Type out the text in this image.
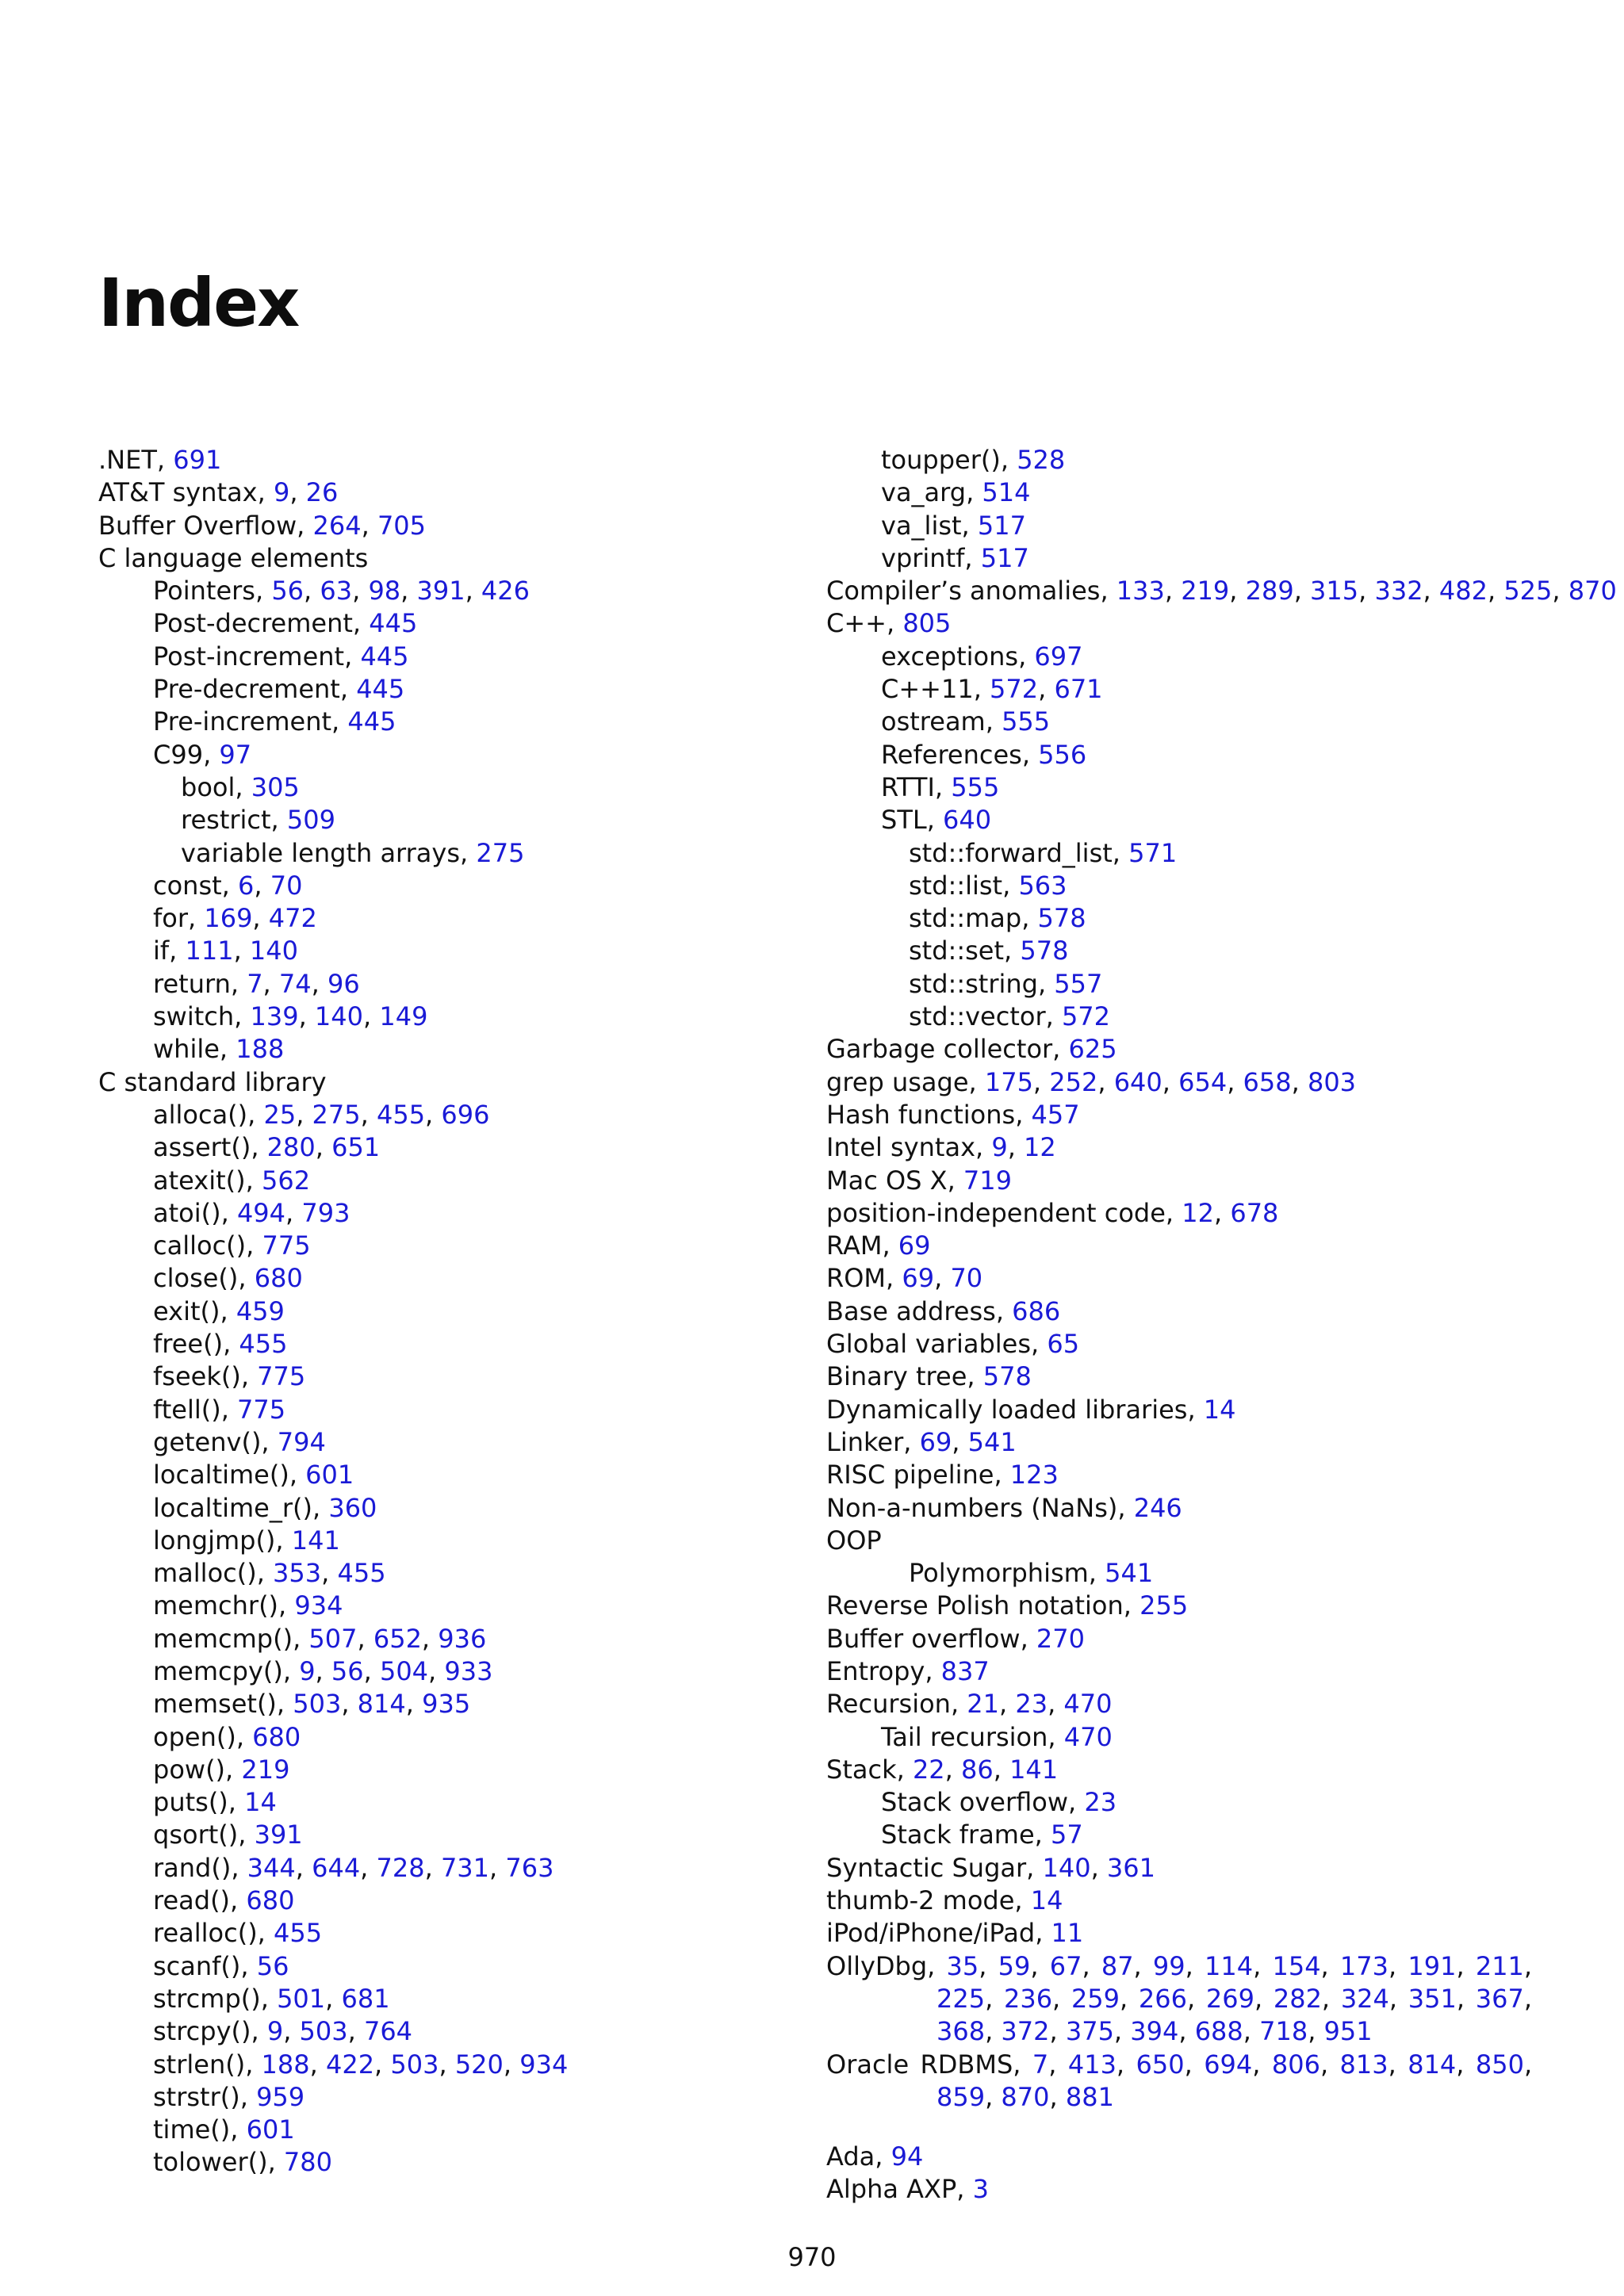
Index
.NET, 691
AT&T syntax, 9, 26
Buffer Overflow, 264, 705
C language elements
Pointers, 56, 63, 98, 391, 426
Post-decrement, 445
Post-increment, 445
Pre-decrement, 445
Pre-increment, 445
C99, 97
bool, 305
restrict, 509
variable length arrays, 275
const, 6, 70
for, 169, 472
if, 111, 140
return, 7, 74, 96
switch, 139, 140, 149
while, 188
C standard library
alloca(), 25, 275, 455, 696
assert(), 280, 651
atexit(), 562
atoi(), 494, 793
calloc(), 775
close(), 680
exit(), 459
free(), 455
fseek(), 775
ftell(), 775
getenv(), 794
localtime(), 601
localtime_r(), 360
longjmp(), 141
malloc(), 353, 455
memchr(), 934
memcmp(), 507, 652, 936
memcpy(), 9, 56, 504, 933
memset(), 503, 814, 935
open(), 680
pow(), 219
puts(), 14
qsort(), 391
rand(), 344, 644, 728, 731, 763
read(), 680
realloc(), 455
scanf(), 56
strcmp(), 501, 681
strcpy(), 9, 503, 764
strlen(), 188, 422, 503, 520, 934
strstr(), 959
time(), 601
tolower(), 780
toupper(), 528
va_arg, 514
va_list, 517
vprintf, 517
Compiler’s anomalies, 133, 219, 289, 315, 332, 482, 525, 870
C++, 805
exceptions, 697
C++11, 572, 671
ostream, 555
References, 556
RTTI, 555
STL, 640
std::forward_list, 571
std::list, 563
std::map, 578
std::set, 578
std::string, 557
std::vector, 572
Garbage collector, 625
grep usage, 175, 252, 640, 654, 658, 803
Hash functions, 457
Intel syntax, 9, 12
Mac OS X, 719
position-independent code, 12, 678
RAM, 69
ROM, 69, 70
Base address, 686
Global variables, 65
Binary tree, 578
Dynamically loaded libraries, 14
Linker, 69, 541
RISC pipeline, 123
Non-a-numbers (NaNs), 246
OOP
Polymorphism, 541
Reverse Polish notation, 255
Buffer overflow, 270
Entropy, 837
Recursion, 21, 23, 470
Tail recursion, 470
Stack, 22, 86, 141
Stack overflow, 23
Stack frame, 57
Syntactic Sugar, 140, 361
thumb-2 mode, 14
iPod/iPhone/iPad, 11
OllyDbg, 35, 59, 67, 87, 99, 114, 154, 173, 191, 211, 225, 236, 259, 266, 269, 282, 324, 351, 367, 368, 372, 375, 394, 688, 718, 951
Oracle RDBMS, 7, 413, 650, 694, 806, 813, 814, 850, 859, 870, 881
Ada, 94
Alpha AXP, 3
970
